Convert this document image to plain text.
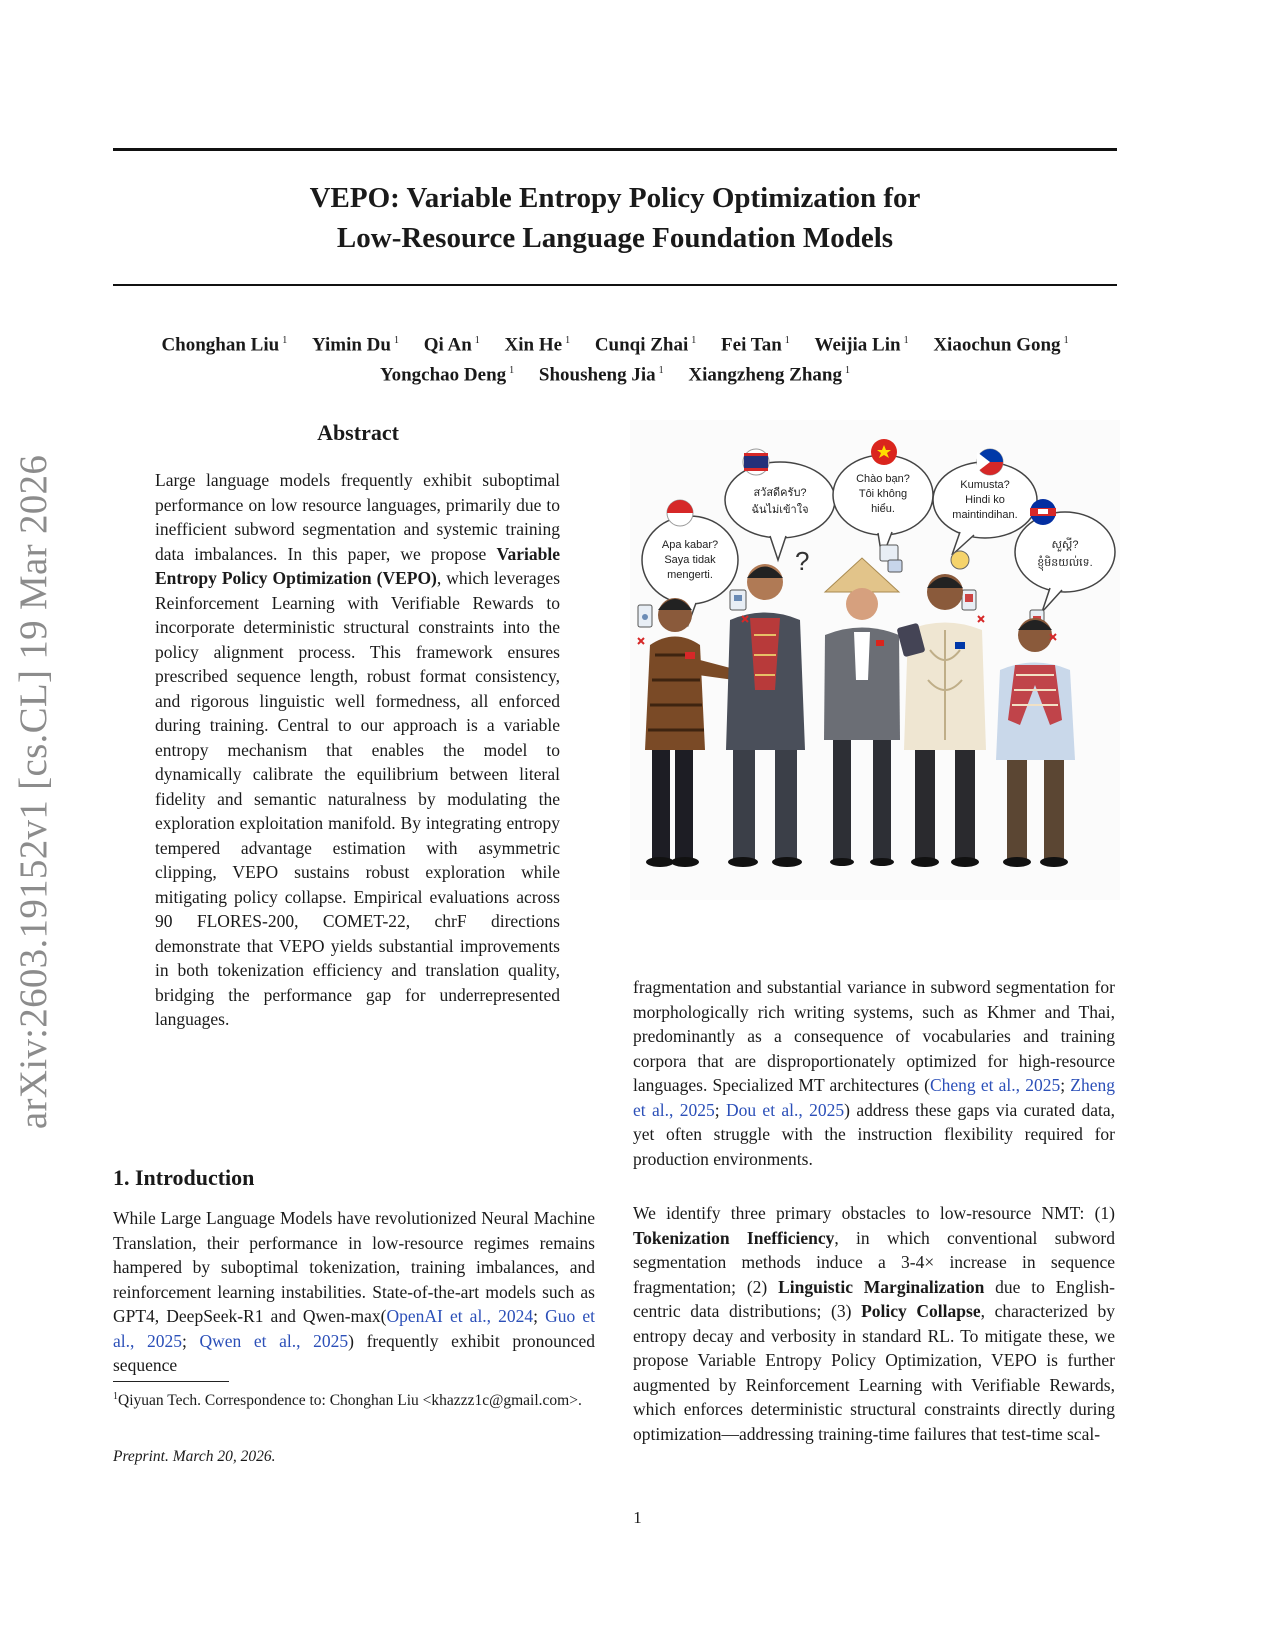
VEPO: Variable Entropy Policy Optimization for
Low-Resource Language Foundation Models
Chonghan Liu $^1$ Yimin Du $^1$ Qi An $^1$ Xin He $^1$ Cunqi Zhai $^1$ Fei Tan $^1$ Weijia Lin $^1$ Xiaochun Gong $^1$
Yongchao Deng $^1$ Shousheng Jia $^1$ Xiangzheng Zhang $^1$
arXiv:2603.19152v1 [cs.CL] 19 Mar 2026
Abstract
Large language models frequently exhibit suboptimal performance on low resource languages, primarily due to inefficient subword segmentation and systemic training data imbalances. In this paper, we propose Variable Entropy Policy Optimization (VEPO), which leverages Reinforcement Learning with Verifiable Rewards to incorporate deterministic structural constraints into the policy alignment process. This framework ensures prescribed sequence length, robust format consistency, and rigorous linguistic well formedness, all enforced during training. Central to our approach is a variable entropy mechanism that enables the model to dynamically calibrate the equilibrium between literal fidelity and semantic naturalness by modulating the exploration exploitation manifold. By integrating entropy tempered advantage estimation with asymmetric clipping, VEPO sustains robust exploration while mitigating policy collapse. Empirical evaluations across 90 FLORES-200, COMET-22, chrF directions demonstrate that VEPO yields substantial improvements in both tokenization efficiency and translation quality, bridging the performance gap for underrepresented languages.
1. Introduction
While Large Language Models have revolutionized Neural Machine Translation, their performance in low-resource regimes remains hampered by suboptimal tokenization, training imbalances, and reinforcement learning instabilities. State-of-the-art models such as GPT4, DeepSeek-R1 and Qwen-max(OpenAI et al., 2024; Guo et al., 2025; Qwen et al., 2025) frequently exhibit pronounced sequence
$^1$Qiyuan Tech. Correspondence to: Chonghan Liu <khazzz1c@gmail.com>.
Preprint. March 20, 2026.
fragmentation and substantial variance in subword segmentation for morphologically rich writing systems, such as Khmer and Thai, predominantly as a consequence of vocabularies and training corpora that are disproportionately optimized for high-resource languages. Specialized MT architectures (Cheng et al., 2025; Zheng et al., 2025; Dou et al., 2025) address these gaps via curated data, yet often struggle with the instruction flexibility required for production environments.
We identify three primary obstacles to low-resource NMT: (1) Tokenization Inefficiency, in which conventional subword segmentation methods induce a 3-4× increase in sequence fragmentation; (2) Linguistic Marginalization due to English-centric data distributions; (3) Policy Collapse, characterized by entropy decay and verbosity in standard RL. To mitigate these, we propose Variable Entropy Policy Optimization, VEPO is further augmented by Reinforcement Learning with Verifiable Rewards, which enforces deterministic structural constraints directly during optimization—addressing training-time failures that test-time scal-
1
Apa kabar?
Saya tidak
mengerti.
สวัสดีครับ?
ฉันไม่เข้าใจ
Chào bạn?
Tôi không
hiểu.
Kumusta?
Hindi ko
maintindihan.
សួស្តី?
ខ្ញុំមិនយល់ទេ.
?
